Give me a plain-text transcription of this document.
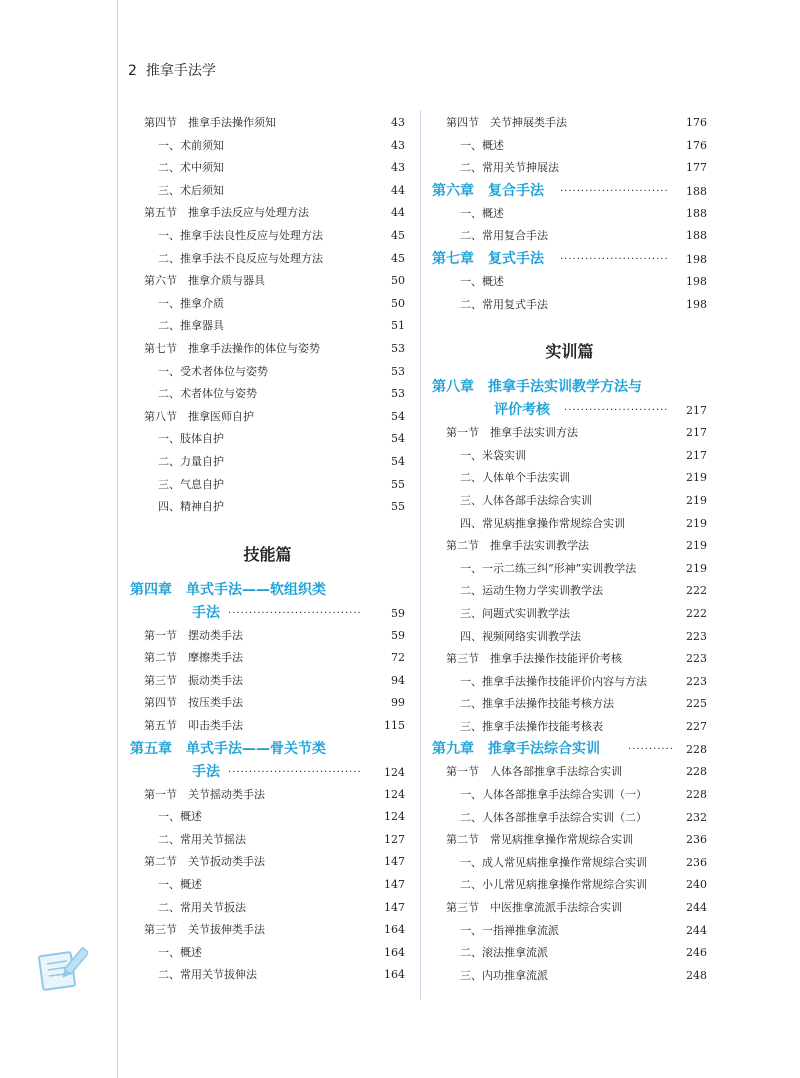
2 推拿手法学
第四节　 推拿手法操作须知	43
一、术前须知	43
二、术中须知	43
三、术后须知	44
第五节　 推拿手法反应与处理方法	44
一、推拿手法良性反应与处理方法	45
二、推拿手法不良反应与处理方法	45
第六节　 推拿介质与器具	50
一、推拿介质	50
二、推拿器具	51
第七节　 推拿手法操作的体位与姿势	53
一、受术者体位与姿势	53
二、术者体位与姿势	53
第八节　 推拿医师自护	54
一、肢体自护	54
二、力量自护	54
三、气息自护	55
四、精神自护	55
技能篇
第四章　 单式手法——软组织类
手法 ································	59
第一节　 摆动类手法	59
第二节　 摩擦类手法	72
第三节　 振动类手法	94
第四节　 按压类手法	99
第五节　 叩击类手法	115
第五章　 单式手法——骨关节类
手法 ································	124
第一节　 关节摇动类手法	124
一、概述	124
二、常用关节摇法	127
第二节　 关节扳动类手法	147
一、概述	147
二、常用关节扳法	147
第三节　 关节拔伸类手法	164
一、概述	164
二、常用关节拔伸法	164
第四节　 关节抻展类手法	176
一、概述	176
二、常用关节抻展法	177
第六章　 复合手法 ··························	188
一、概述	188
二、常用复合手法	188
第七章　 复式手法 ··························	198
一、概述	198
二、常用复式手法	198
实训篇
第八章　 推拿手法实训教学方法与
评价考核 ·························	217
第一节　 推拿手法实训方法	217
一、米袋实训	217
二、人体单个手法实训	219
三、人体各部手法综合实训	219
四、常见病推拿操作常规综合实训	219
第二节　 推拿手法实训教学法	219
一、一示二练三纠“形神”实训教学法	219
二、运动生物力学实训教学法	222
三、问题式实训教学法	222
四、视频网络实训教学法	223
第三节　 推拿手法操作技能评价考核	223
一、推拿手法操作技能评价内容与方法	223
二、推拿手法操作技能考核方法	225
三、推拿手法操作技能考核表	227
第九章　 推拿手法综合实训	···········	228
第一节　 人体各部推拿手法综合实训	228
一、人体各部推拿手法综合实训（一）	228
二、人体各部推拿手法综合实训（二）	232
第二节　 常见病推拿操作常规综合实训	236
一、成人常见病推拿操作常规综合实训	236
二、小儿常见病推拿操作常规综合实训	240
第三节　 中医推拿流派手法综合实训	244
一、一指禅推拿流派	244
二、滚法推拿流派	246
三、内功推拿流派	248
